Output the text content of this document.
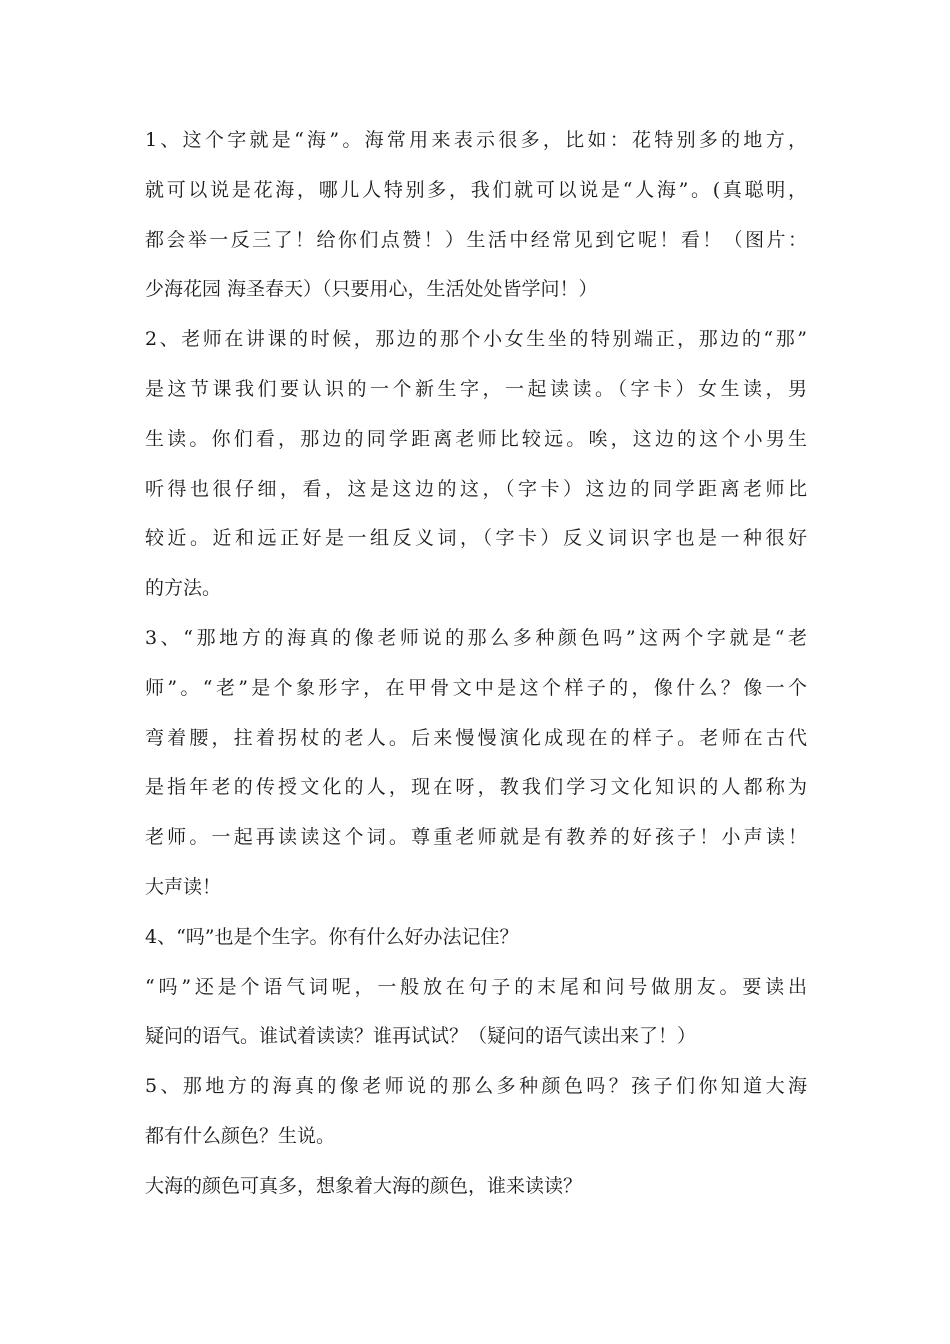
1、这个字就是“海”。海常用来表示很多，比如：花特别多的地方，
就可以说是花海，哪儿人特别多，我们就可以说是“人海”。(真聪明，
都会举一反三了！给你们点赞！）生活中经常见到它呢！看！（图片：
少海花园 海圣春天）（只要用心，生活处处皆学问！）
2、老师在讲课的时候，那边的那个小女生坐的特别端正，那边的“那”
是这节课我们要认识的一个新生字，一起读读。（字卡）女生读，男
生读。你们看，那边的同学距离老师比较远。唉，这边的这个小男生
听得也很仔细，看，这是这边的这，（字卡）这边的同学距离老师比
较近。近和远正好是一组反义词，（字卡）反义词识字也是一种很好
的方法。
3、“那地方的海真的像老师说的那么多种颜色吗”这两个字就是“老
师”。“老”是个象形字，在甲骨文中是这个样子的，像什么？像一个
弯着腰，拄着拐杖的老人。后来慢慢演化成现在的样子。老师在古代
是指年老的传授文化的人，现在呀，教我们学习文化知识的人都称为
老师。一起再读读这个词。尊重老师就是有教养的好孩子！小声读！
大声读！
4、“吗”也是个生字。你有什么好办法记住？
“吗”还是个语气词呢，一般放在句子的末尾和问号做朋友。要读出
疑问的语气。谁试着读读？谁再试试？（疑问的语气读出来了！）
5、那地方的海真的像老师说的那么多种颜色吗？孩子们你知道大海
都有什么颜色？生说。
大海的颜色可真多，想象着大海的颜色，谁来读读？
